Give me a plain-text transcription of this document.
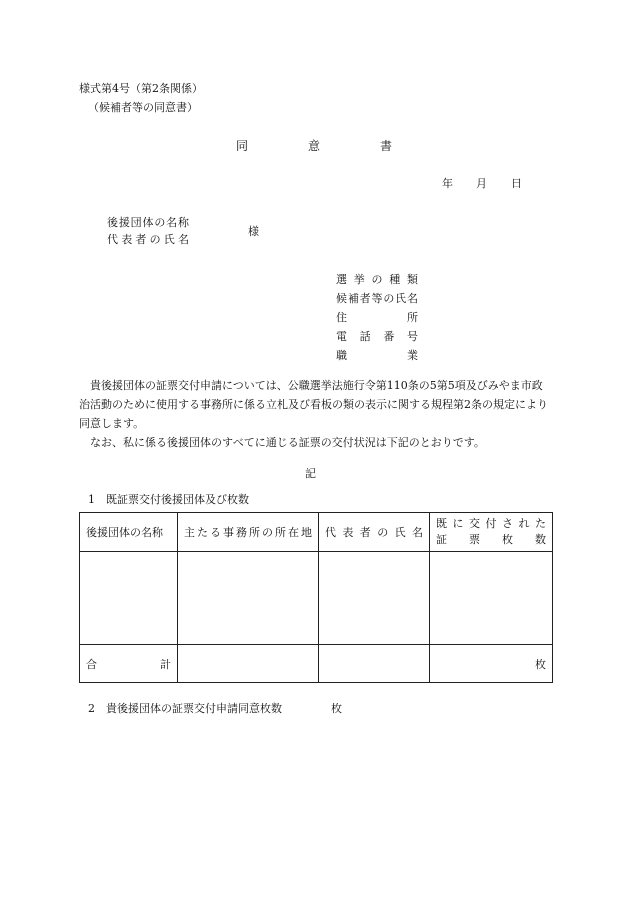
様式第4号（第2条関係）
（候補者等の同意書）
同　　　　　意　　　　　書
年 月 日
後援団体の名称
代表者の氏名
様
選挙の種類
候補者等の氏名
住所
電話番号
職業
　貴後援団体の証票交付申請については、公職選挙法施行令第110条の5第5項及びみやま市政治活動のために使用する事務所に係る立札及び看板の類の表示に関する規程第2条の規定により同意します。
　なお、私に係る後援団体のすべてに通じる証票の交付状況は下記のとおりです。
記
1　既証票交付後援団体及び枚数
後援団体の名称	主たる事務所の所在地	代表者の氏名	既に交付された
証票枚数

合計			枚
2　貴後援団体の証票交付申請同意枚数	枚
